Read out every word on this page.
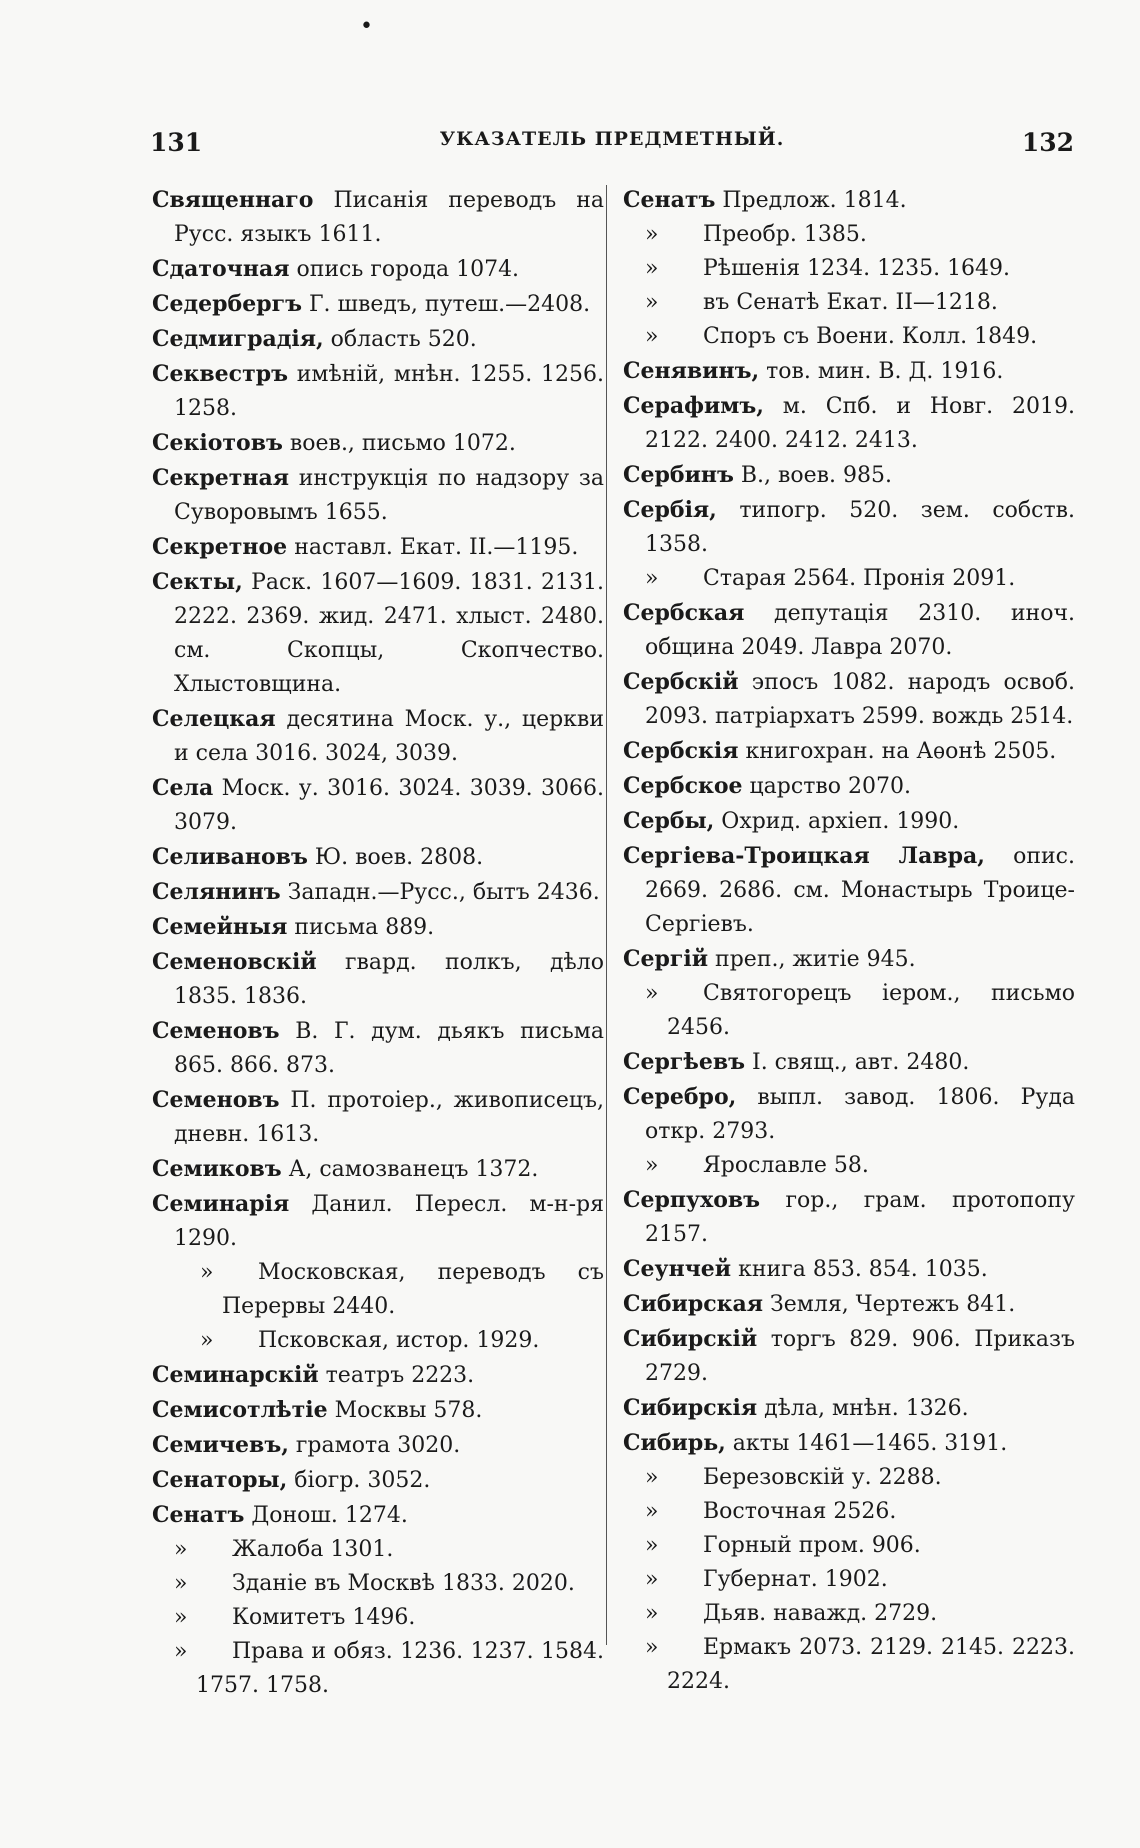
•
131	УКАЗАТЕЛЬ ПРЕДМЕТНЫЙ.	132
Священнаго Писанія переводъ на Русс. языкъ 1611.
Сдаточная опись города 1074.
Седербергъ Г. шведъ, путеш.—2408.
Седмиградія, область 520.
Секвестръ имѣній, мнѣн. 1255. 1256. 1258.
Секіотовъ воев., письмо 1072.
Секретная инструкція по надзору за Суворовымъ 1655.
Секретное наставл. Екат. II.—1195.
Секты, Раск. 1607—1609. 1831. 2131. 2222. 2369. жид. 2471. хлыст. 2480. см. Скопцы, Скопчество. Хлыстовщина.
Селецкая десятина Моск. у., церкви и села 3016. 3024, 3039.
Села Моск. у. 3016. 3024. 3039. 3066. 3079.
Селивановъ Ю. воев. 2808.
Селянинъ Западн.—Русс., бытъ 2436.
Семейныя письма 889.
Семеновскій гвард. полкъ, дѣло 1835. 1836.
Семеновъ В. Г. дум. дьякъ письма 865. 866. 873.
Семеновъ П. протоіер., живописецъ, дневн. 1613.
Семиковъ А, самозванецъ 1372.
Семинарія Данил. Пересл. м-н-ря 1290.
» Московская, переводъ съ Перервы 2440.
» Псковская, истор. 1929.
Семинарскій театръ 2223.
Семисотлѣтіе Москвы 578.
Семичевъ, грамота 3020.
Сенаторы, біогр. 3052.
Сенатъ Донош. 1274.
» Жалоба 1301.
» Зданіе въ Москвѣ 1833. 2020.
» Комитетъ 1496.
» Права и обяз. 1236. 1237. 1584. 1757. 1758.
Сенатъ Предлож. 1814.
» Преобр. 1385.
» Рѣшенія 1234. 1235. 1649.
» въ Сенатѣ Екат. II—1218.
» Споръ съ Воени. Колл. 1849.
Сенявинъ, тов. мин. В. Д. 1916.
Серафимъ, м. Спб. и Новг. 2019. 2122. 2400. 2412. 2413.
Сербинъ В., воев. 985.
Сербія, типогр. 520. зем. собств. 1358.
» Старая 2564. Пронія 2091.
Сербская депутація 2310. иноч. община 2049. Лавра 2070.
Сербскій эпосъ 1082. народъ освоб. 2093. патріархатъ 2599. вождь 2514.
Сербскія книгохран. на Аѳонѣ 2505.
Сербское царство 2070.
Сербы, Охрид. архіеп. 1990.
Сергіева-Троицкая Лавра, опис. 2669. 2686. см. Монастырь Троице-Сергіевъ.
Сергій преп., житіе 945.
» Святогорецъ іером., письмо 2456.
Сергѣевъ I. свящ., авт. 2480.
Серебро, выпл. завод. 1806. Руда откр. 2793.
» Ярославле 58.
Серпуховъ гор., грам. протопопу 2157.
Сеунчей книга 853. 854. 1035.
Сибирская Земля, Чертежъ 841.
Сибирскій торгъ 829. 906. Приказъ 2729.
Сибирскія дѣла, мнѣн. 1326.
Сибирь, акты 1461—1465. 3191.
» Березовскій у. 2288.
» Восточная 2526.
» Горный пром. 906.
» Губернат. 1902.
» Дьяв. наважд. 2729.
» Ермакъ 2073. 2129. 2145. 2223. 2224.
